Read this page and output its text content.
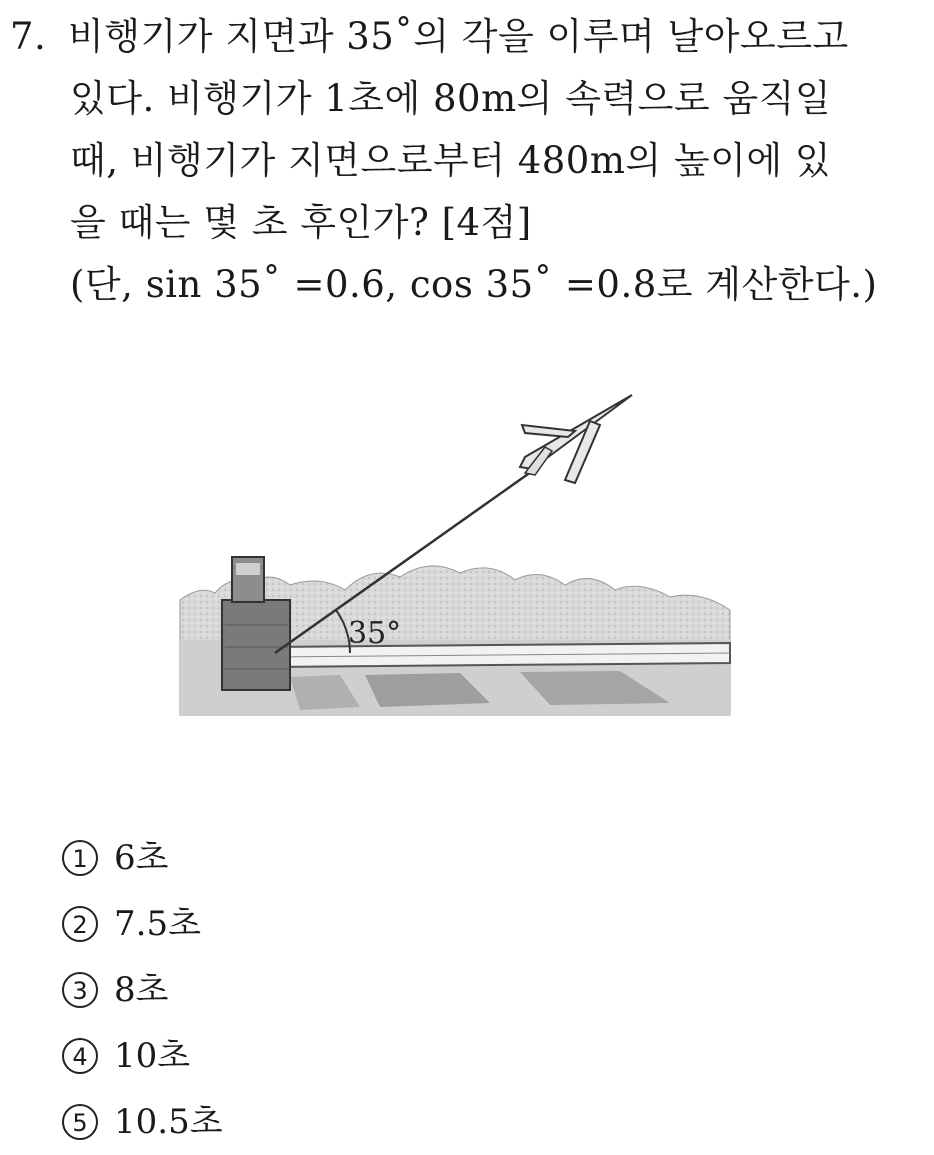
7. 비행기가 지면과 35˚의 각을 이루며 날아오르고
있다. 비행기가 1초에 80m의 속력으로 움직일
때, 비행기가 지면으로부터 480m의 높이에 있
을 때는 몇 초 후인가? [4점]
(단, sin 35˚ =0.6, cos 35˚ =0.8로 계산한다.)
35°
1 6초
2 7.5초
3 8초
4 10초
5 10.5초
